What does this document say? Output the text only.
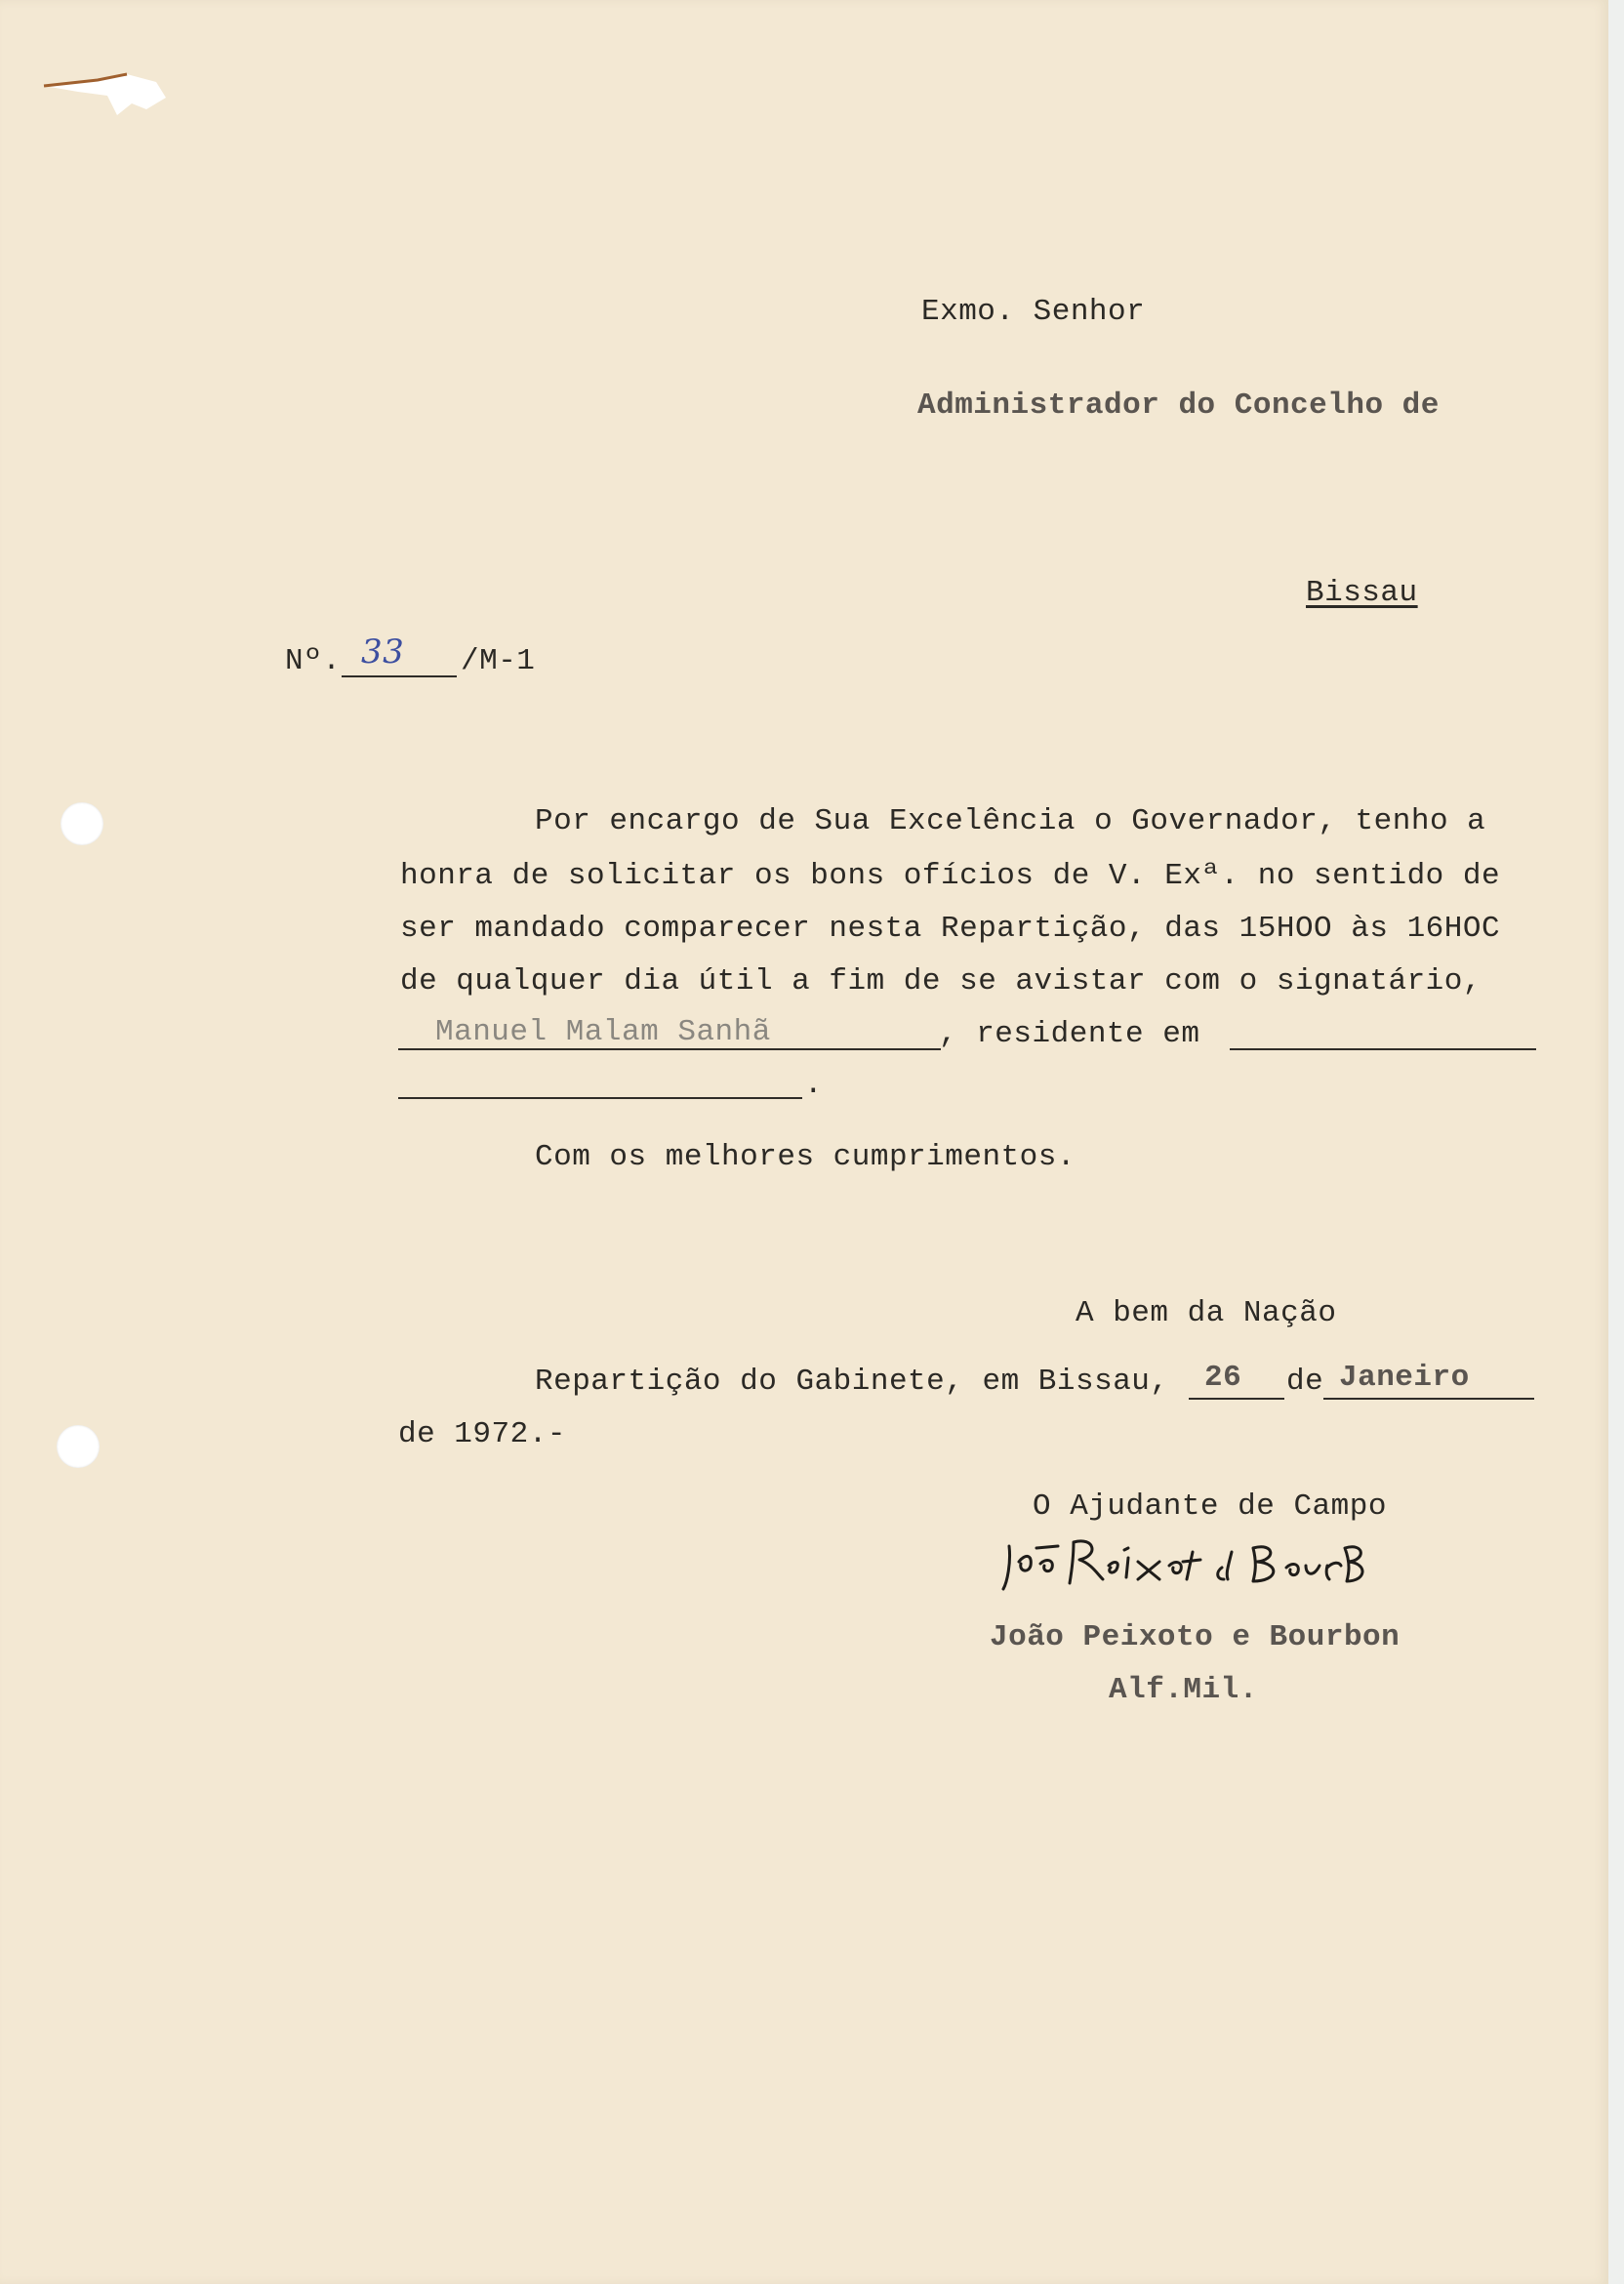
Exmo. Senhor
Administrador do Concelho de
Bissau
Nº. 33 /M-1
Por encargo de Sua Excelência o Governador, tenho a
honra de solicitar os bons ofícios de V. Exª. no sentido de
ser mandado comparecer nesta Repartição, das 15HOO às 16HOC
de qualquer dia útil a fim de se avistar com o signatário,
Manuel Malam Sanhã	, residente em
.
Com os melhores cumprimentos.
A bem da Nação
Repartição do Gabinete, em Bissau, 26 de Janeiro
de 1972.-
O Ajudante de Campo
João Peixoto e Bourbon
Alf.Mil.
